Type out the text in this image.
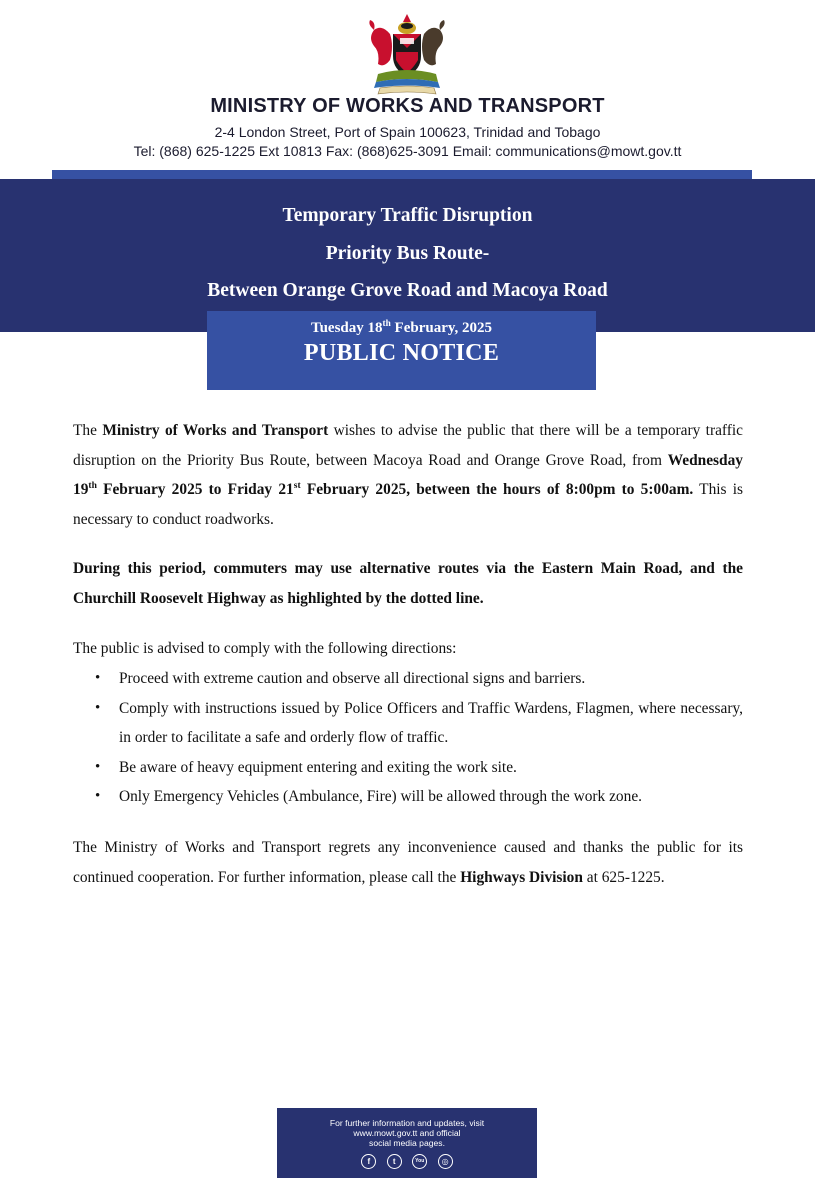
MINISTRY OF WORKS AND TRANSPORT
2-4 London Street, Port of Spain 100623, Trinidad and Tobago
Tel: (868) 625-1225 Ext 10813 Fax: (868)625-3091 Email: communications@mowt.gov.tt
Temporary Traffic Disruption
Priority Bus Route-
Between Orange Grove Road and Macoya Road
Tuesday 18th February, 2025
PUBLIC NOTICE

The Ministry of Works and Transport wishes to advise the public that there will be a temporary traffic disruption on the Priority Bus Route, between Macoya Road and Orange Grove Road, from Wednesday 19th February 2025 to Friday 21st February 2025, between the hours of 8:00pm to 5:00am. This is necessary to conduct roadworks.

During this period, commuters may use alternative routes via the Eastern Main Road, and the Churchill Roosevelt Highway as highlighted by the dotted line.

The public is advised to comply with the following directions:

• Proceed with extreme caution and observe all directional signs and barriers.
• Comply with instructions issued by Police Officers and Traffic Wardens, Flagmen, where necessary, in order to facilitate a safe and orderly flow of traffic.
• Be aware of heavy equipment entering and exiting the work site.
• Only Emergency Vehicles (Ambulance, Fire) will be allowed through the work zone.

The Ministry of Works and Transport regrets any inconvenience caused and thanks the public for its continued cooperation. For further information, please call the Highways Division at 625-1225.

For further information and updates, visit
www.mowt.gov.tt and official
social media pages.
f	t	You ◎
